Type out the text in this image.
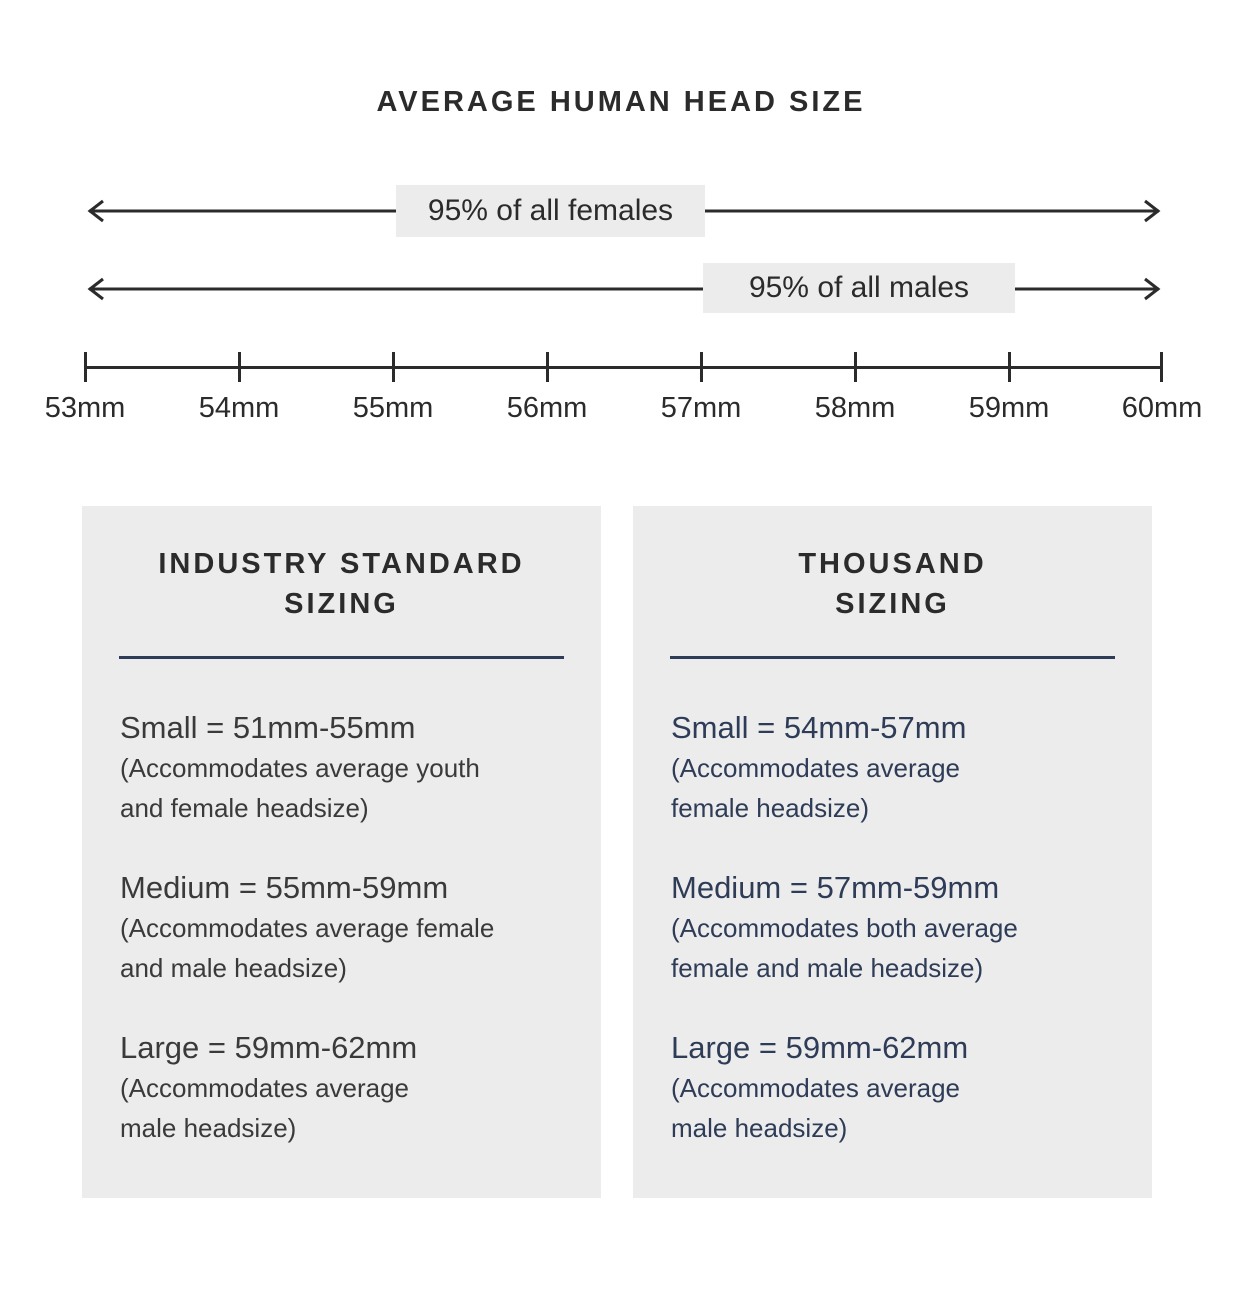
AVERAGE HUMAN HEAD SIZE
95% of all females
95% of all males
53mm	54mm	55mm	56mm	57mm	58mm	59mm	60mm
INDUSTRY STANDARD
SIZING
Small = 51mm-55mm
(Accommodates average youth
and female headsize)
Medium = 55mm-59mm
(Accommodates average female
and male headsize)
Large = 59mm-62mm
(Accommodates average
male headsize)
THOUSAND
SIZING
Small = 54mm-57mm
(Accommodates average
female headsize)
Medium = 57mm-59mm
(Accommodates both average
female and male headsize)
Large = 59mm-62mm
(Accommodates average
male headsize)
